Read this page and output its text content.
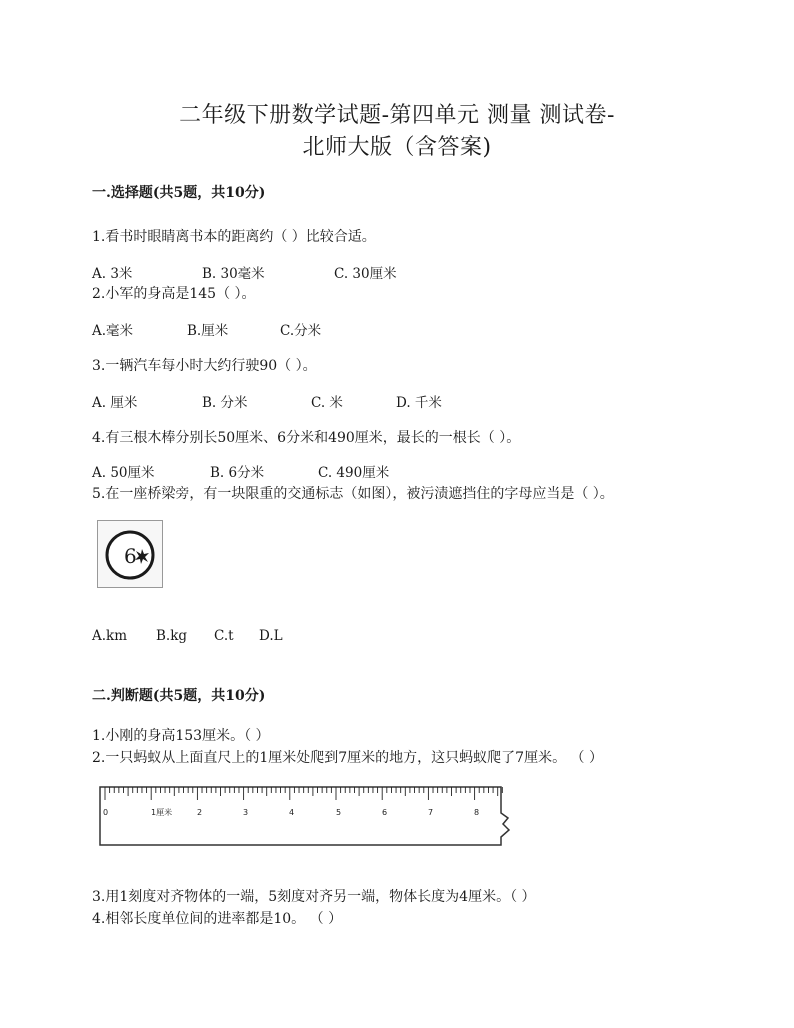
二年级下册数学试题-第四单元 测量 测试卷-
北师大版（含答案)
一.选择题(共5题，共10分)
1.看书时眼睛离书本的距离约（ ）比较合适。
A. 3米	B. 30毫米	C. 30厘米
2.小军的身高是145（ ）。
A.毫米	B.厘米	C.分米
3.一辆汽车每小时大约行驶90（ ）。
A. 厘米	B. 分米	C. 米	D. 千米
4.有三根木棒分别长50厘米、6分米和490厘米，最长的一根长（ ）。
A. 50厘米	B. 6分米	C. 490厘米
5.在一座桥梁旁，有一块限重的交通标志（如图），被污渍遮挡住的字母应当是（ ）。
6
A.km B.kg C.t D.L
二.判断题(共5题，共10分)
1.小刚的身高153厘米。（ ）
2.一只蚂蚁从上面直尺上的1厘米处爬到7厘米的地方，这只蚂蚁爬了7厘米。 （ ）
0	1厘米	2	3	4	5	6	7	8
3.用1刻度对齐物体的一端，5刻度对齐另一端，物体长度为4厘米。（ ）
4.相邻长度单位间的进率都是10。 （ ）
